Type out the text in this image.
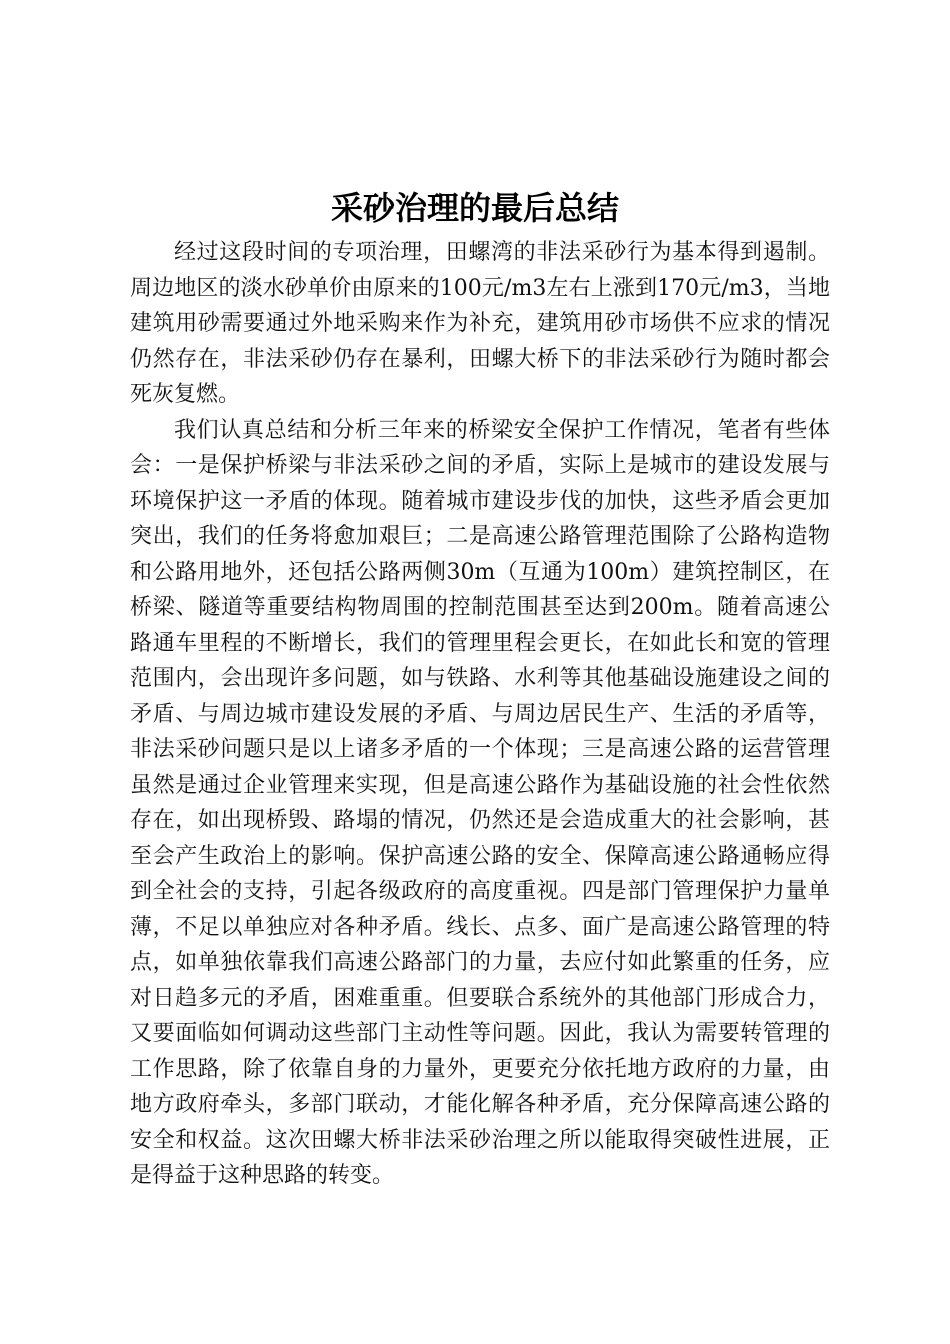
采砂治理的最后总结

经过这段时间的专项治理，田螺湾的非法采砂行为基本得到遏制。周边地区的淡水砂单价由原来的100元/m3左右上涨到170元/m3，当地建筑用砂需要通过外地采购来作为补充，建筑用砂市场供不应求的情况仍然存在，非法采砂仍存在暴利，田螺大桥下的非法采砂行为随时都会死灰复燃。

我们认真总结和分析三年来的桥梁安全保护工作情况，笔者有些体会：一是保护桥梁与非法采砂之间的矛盾，实际上是城市的建设发展与环境保护这一矛盾的体现。随着城市建设步伐的加快，这些矛盾会更加突出，我们的任务将愈加艰巨；二是高速公路管理范围除了公路构造物和公路用地外，还包括公路两侧30m（互通为100m）建筑控制区，在桥梁、隧道等重要结构物周围的控制范围甚至达到200m。随着高速公路通车里程的不断增长，我们的管理里程会更长，在如此长和宽的管理范围内，会出现许多问题，如与铁路、水利等其他基础设施建设之间的矛盾、与周边城市建设发展的矛盾、与周边居民生产、生活的矛盾等，非法采砂问题只是以上诸多矛盾的一个体现；三是高速公路的运营管理虽然是通过企业管理来实现，但是高速公路作为基础设施的社会性依然存在，如出现桥毁、路塌的情况，仍然还是会造成重大的社会影响，甚至会产生政治上的影响。保护高速公路的安全、保障高速公路通畅应得到全社会的支持，引起各级政府的高度重视。四是部门管理保护力量单薄，不足以单独应对各种矛盾。线长、点多、面广是高速公路管理的特点，如单独依靠我们高速公路部门的力量，去应付如此繁重的任务，应对日趋多元的矛盾，困难重重。但要联合系统外的其他部门形成合力，又要面临如何调动这些部门主动性等问题。因此，我认为需要转管理的工作思路，除了依靠自身的力量外，更要充分依托地方政府的力量，由地方政府牵头，多部门联动，才能化解各种矛盾，充分保障高速公路的安全和权益。这次田螺大桥非法采砂治理之所以能取得突破性进展，正是得益于这种思路的转变。
